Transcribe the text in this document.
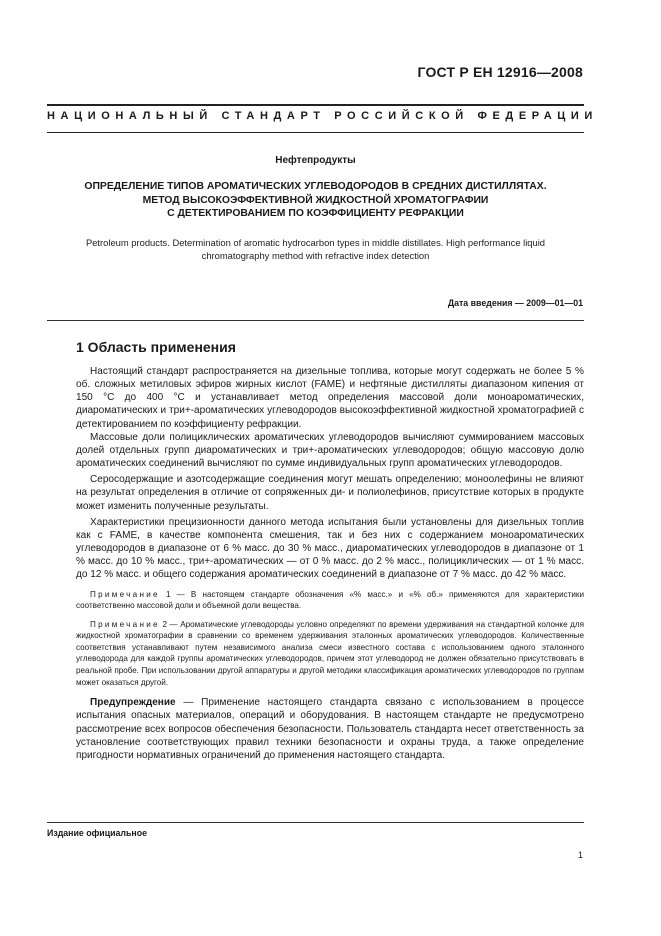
ГОСТ Р ЕН 12916—2008
НАЦИОНАЛЬНЫЙ СТАНДАРТ РОССИЙСКОЙ ФЕДЕРАЦИИ
Нефтепродукты
ОПРЕДЕЛЕНИЕ ТИПОВ АРОМАТИЧЕСКИХ УГЛЕВОДОРОДОВ В СРЕДНИХ ДИСТИЛЛЯТАХ.
МЕТОД ВЫСОКОЭФФЕКТИВНОЙ ЖИДКОСТНОЙ ХРОМАТОГРАФИИ
С ДЕТЕКТИРОВАНИЕМ ПО КОЭФФИЦИЕНТУ РЕФРАКЦИИ
Petroleum products. Determination of aromatic hydrocarbon types in middle distillates. High performance liquid chromatography method with refractive index detection
Дата введения — 2009—01—01
1 Область применения

Настоящий стандарт распространяется на дизельные топлива, которые могут содержать не более 5 % об. сложных метиловых эфиров жирных кислот (FAME) и нефтяные дистилляты диапазоном кипения от 150 °С до 400 °С и устанавливает метод определения массовой доли моноароматических, диароматических и три+-ароматических углеводородов высокоэффективной жидкостной хроматографией с детектированием по коэффициенту рефракции.

Массовые доли полициклических ароматических углеводородов вычисляют суммированием массовых долей отдельных групп диароматических и три+-ароматических углеводородов; общую массовую долю ароматических соединений вычисляют по сумме индивидуальных групп ароматических углеводородов.

Серосодержащие и азотсодержащие соединения могут мешать определению; моноолефины не влияют на результат определения в отличие от сопряженных ди- и полиолефинов, присутствие которых в продукте может изменить полученные результаты.

Характеристики прецизионности данного метода испытания были установлены для дизельных топлив как с FAME, в качестве компонента смешения, так и без них с содержанием моноароматических углеводородов в диапазоне от 6 % масс. до 30 % масс., диароматических углеводородов в диапазоне от 1 % масс. до 10 % масс., три+-ароматических — от 0 % масс. до 2 % масс., полициклических — от 1 % масс. до 12 % масс. и общего содержания ароматических соединений в диапазоне от 7 % масс. до 42 % масс.

Примечание 1 — В настоящем стандарте обозначения «% масс.» и «% об.» применяются для характеристики соответственно массовой доли и объемной доли вещества.

Примечание 2 — Ароматические углеводороды условно определяют по времени удерживания на стандартной колонке для жидкостной хроматографии в сравнении со временем удерживания эталонных ароматических углеводородов. Количественные соответствия устанавливают путем независимого анализа смеси известного состава с использованием одного эталонного углеводорода для каждой группы ароматических углеводородов, причем этот углеводород не должен обязательно присутствовать в реальной пробе. При использовании другой аппаратуры и другой методики классификация ароматических углеводородов по группам может оказаться другой.

Предупреждение — Применение настоящего стандарта связано с использованием в процессе испытания опасных материалов, операций и оборудования. В настоящем стандарте не предусмотрено рассмотрение всех вопросов обеспечения безопасности. Пользователь стандарта несет ответственность за установление соответствующих правил техники безопасности и охраны труда, а также определение пригодности нормативных ограничений до применения настоящего стандарта.

Издание официальное
1
